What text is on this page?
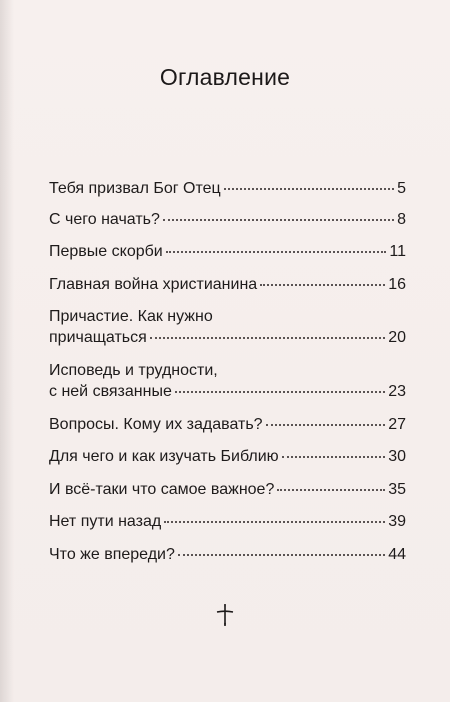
Оглавление
Тебя призвал Бог Отец	5
С чего начать?	8
Первые скорби	11
Главная война христианина	16
Причастие. Как нужно
причащаться	20
Исповедь и трудности,
с ней связанные	23
Вопросы. Кому их задавать?	27
Для чего и как изучать Библию	30
И всё-таки что самое важное?	35
Нет пути назад	39
Что же впереди?	44
